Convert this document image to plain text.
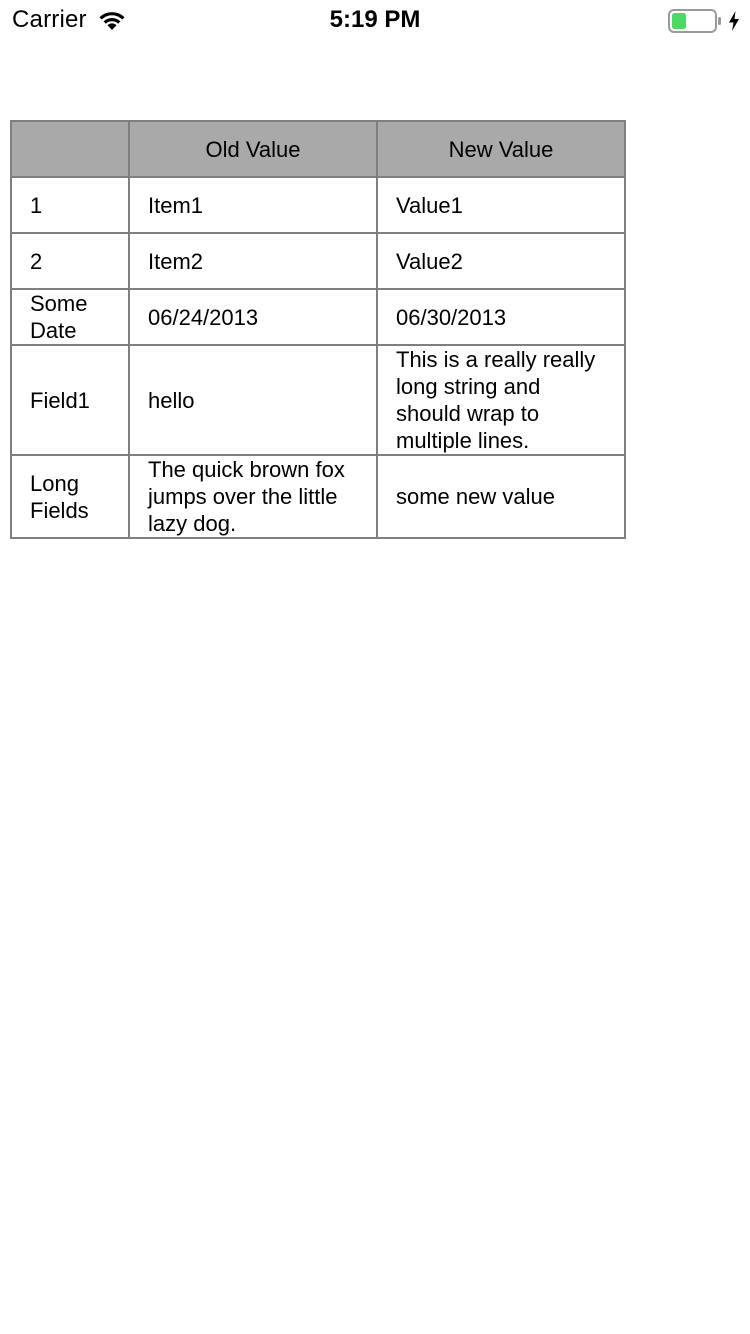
Carrier	5:19 PM
	Old Value	New Value
1	Item1	Value1
2	Item2	Value2
Some Date	06/24/2013	06/30/2013
Field1	hello	This is a really really long string and should wrap to multiple lines.
Long Fields	The quick brown fox jumps over the little lazy dog.	some new value
